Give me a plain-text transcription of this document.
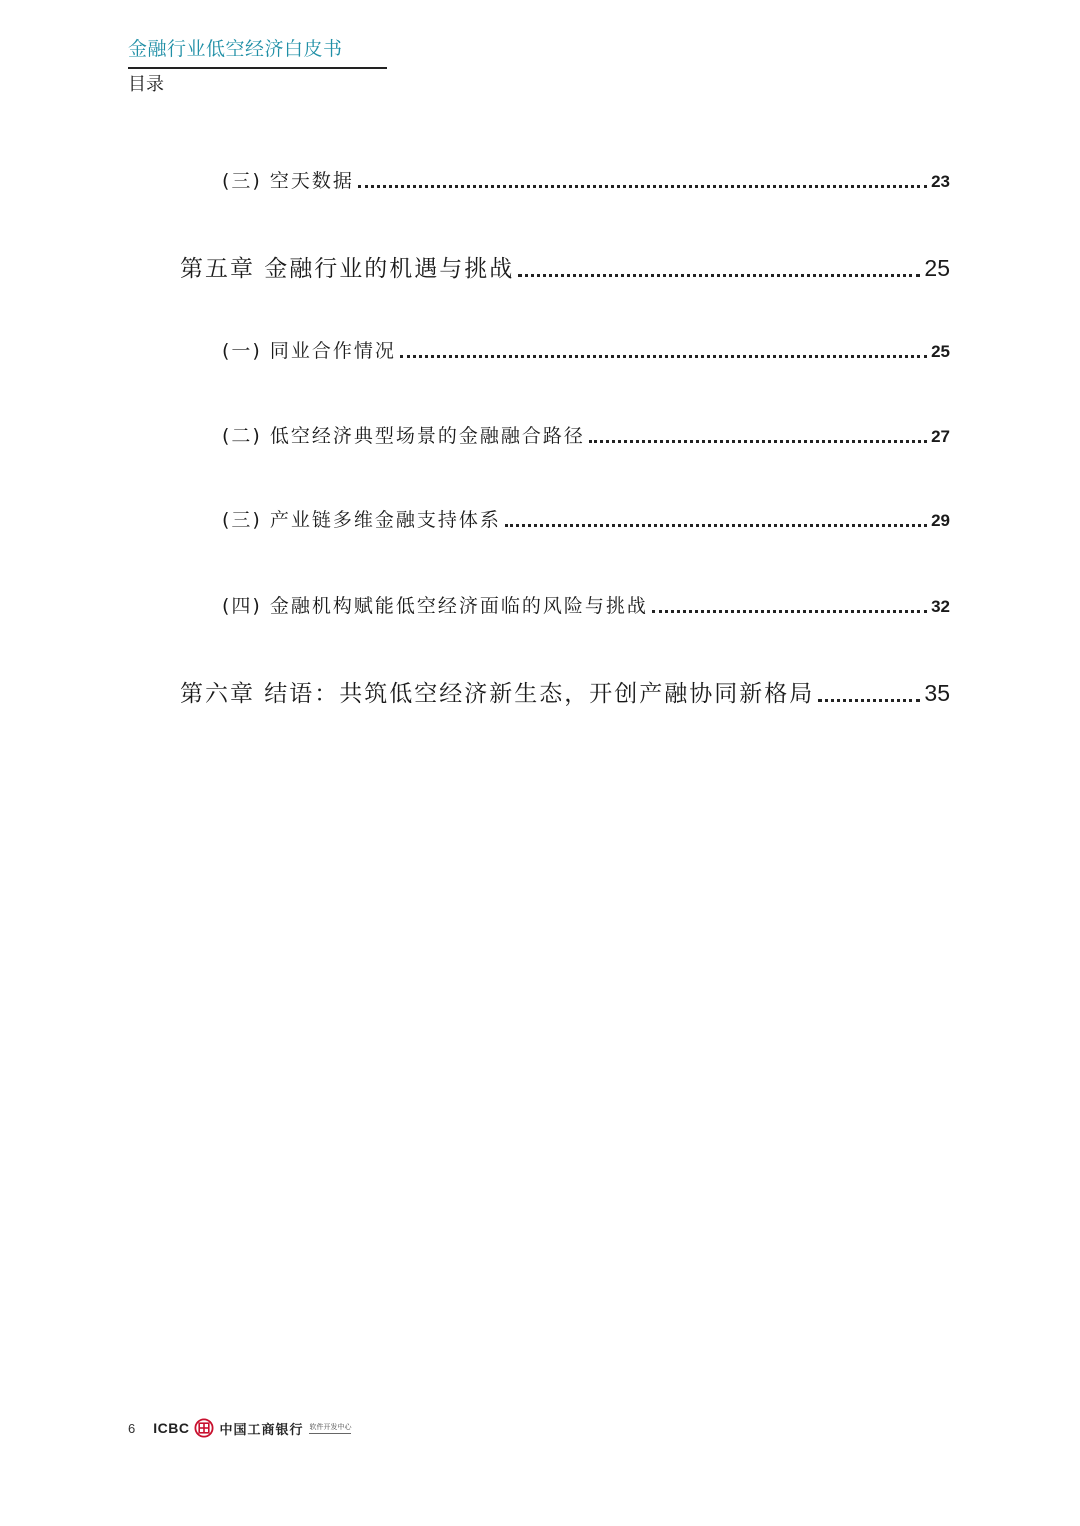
金融行业低空经济白皮书
目录
(三) 空天数据	23
第五章 金融行业的机遇与挑战	25
(一) 同业合作情况	25
(二) 低空经济典型场景的金融融合路径	27
(三) 产业链多维金融支持体系	29
(四) 金融机构赋能低空经济面临的风险与挑战	32
第六章 结语：共筑低空经济新生态，开创产融协同新格局	35
6 ICBC 中国工商银行 软件开发中心
